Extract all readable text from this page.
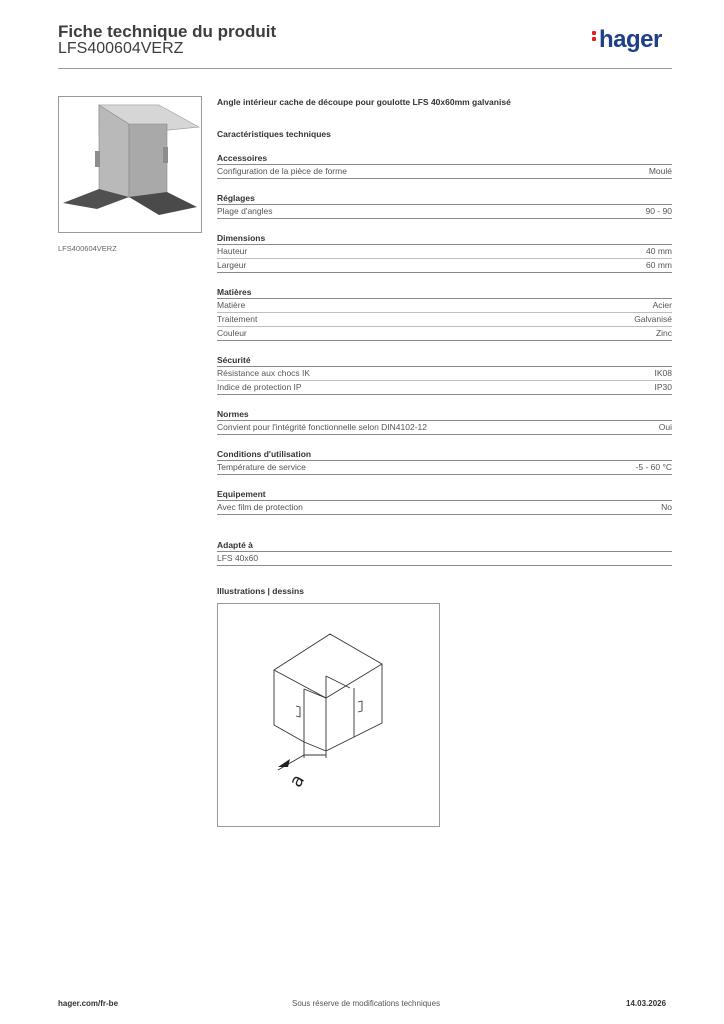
Fiche technique du produit
LFS400604VERZ	hager
LFS400604VERZ
Angle intérieur cache de découpe pour goulotte LFS 40x60mm galvanisé
Caractéristiques techniques
Accessoires
Configuration de la pièce de forme	Moulé
Réglages
Plage d'angles	90 - 90
Dimensions
Hauteur	40 mm
Largeur	60 mm
Matières
Matière	Acier
Traitement	Galvanisé
Couleur	Zinc
Sécurité
Résistance aux chocs IK	IK08
Indice de protection IP	IP30
Normes
Convient pour l'intégrité fonctionnelle selon DIN4102-12	Oui
Conditions d'utilisation
Température de service	-5 - 60 °C
Equipement
Avec film de protection	No
Adapté à
LFS 40x60
Illustrations | dessins
a
hager.com/fr-be	Sous réserve de modifications techniques	14.03.2026
